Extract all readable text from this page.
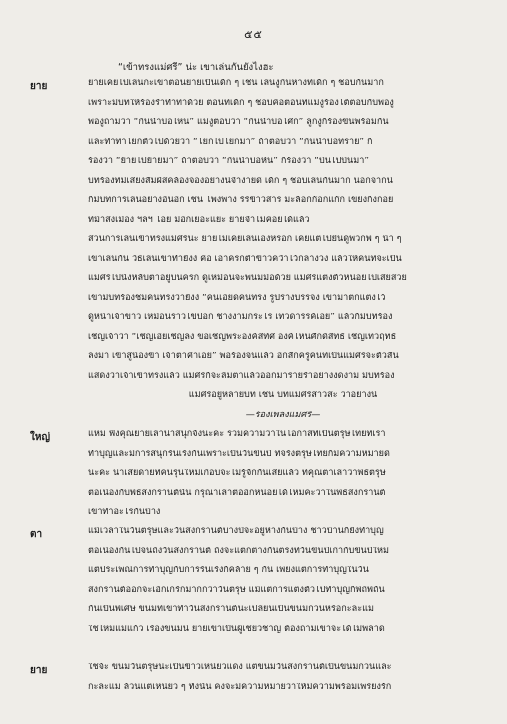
๕๕
“เข้าทรงแม่ศรี” น่ะ เขาเล่นกันยังไงฮะ
ยาย	ยายเคยไปเล่นกะเขาตอนยายเป็นเด็ก ๆ เช่น เล่นงูกินหางที่เด็ก ๆ ชอบกันมาก
เพราะมีบทให้ร้องรำทำท่าด้วย ตอนที่เด็ก ๆ ชอบคือตอนที่แม่งูร้องโต้ตอบกับพ่องู
พ่องูถามว่า “กินน้ำบ่อไหน” แม่งูตอบว่า “กินน้ำบ่อโศก” ลูกงูก็ร้องขึ้นพร้อมกัน
และทำท่าโยกตัวไปด้วยว่า “โยกไปโยกมา” ถ้าตอบว่า “กินน้ำบ่อทราย” ก็
ร้องว่า “ย้ายไปย้ายมา” ถ้าตอบว่า “กินน้ำบ่อหิน” ก็ร้องว่า “บินไปบินมา”
บทร้องที่มีเสียงสัมผัสคล้องจองอย่างนี้จำง่ายดี เด็ก ๆ ชอบเล่นกันมาก นอกจากนี้
ก็มีบทการเล่นอย่างอื่นอีก เช่น โพงพาง รีรีข้าวสาร มะล็อกก๊อกแก๊ก เขย่งก็งกอย
ที่ม้าส่งเมือง ฯลฯ โอย มีอีกเยอะแยะ ยายจำไม่ค่อยได้แล้ว
ส่วนการเล่นเข้าทรงแม่ศรีนะ ยายไม่เคยเล่นเองหรอก เคยแต่ไปยืนดูพวกพี่ ๆ น้า ๆ
เขาเล่นกัน วิธีเล่นเขาทำยังงี้ คือ เอาครกตำข้าวคว่ำไว้กลางวง แล้วให้คนที่จะเป็น
แม่ศรีไปนั่งหลับตาอยู่บนครก ดูเหมือนจะพนมมือด้วย แม่ศรีแต่งตัวหน่อยไปเสียสวย
เขามีบทร้องชมคนทรงว่ายังงี้ “คนเอียดคนทรง รูปร่างบรรจง เขามาตกแต่งไว้
ดูหน้าเจ้าขาว เหมือนราวไข่ปอก ช่างงามกระไร เทวดารรค์เอย” แล้วก็มีบทร้อง
เชิญเจ้าว่า “เชิญเอ๋ยเชิญลง ขอเชิญพระองค์สีทิศ องค์ไหนศักดิ์สิทธิ์ เชิญเทวฤทธิ์
ลงมา เข้าสู่น้องข้า เจ้าตาคำเอย” พอร้องจนแล้ว อีกสักครู่คนที่เป็นแม่ศรีจะตัวสั่น
แสดงว่าเจ้าเข้าทรงแล้ว แม่ศรีก็จะลืมตาแล้วออกมาร่ายรำอย่างงดงาม มีบทร้อง
แม่ศรีอยู่หลายบท เช่น บทแม่ศรีสาวสะ ว่าอย่างนี้
—ร้องเพลงแม่ศรี—
ใหญ่	แหม ฟังคุณยายเล่าน่าสนุกจังนะคะ รวมความว่าในโอกาสที่เป็นตรุษไทยที่เรา
ทำบุญและมีการสนุกรื่นเริงกันเพราะเป็นวันขึ้นปี ที่จริงตรุษไทยก็มีความหมายดี
นะคะ น่าเสียดายที่คนรุ่นใหม่เกือบจะไม่รู้จักกันเสียแล้ว ที่คุณตาเล่าว่าพิธีตรุษ
ต่อเนื่องกับพิธีสงกรานต์นั้น กรุณาเล่าต่ออีกหน่อยได้ไหมคะว่าในพิธีสงกรานต์
เขาทำอะไรกันบ้าง
ตา	แม้เวลาในวันตรุษและวันสงกรานต์บางปีจะอยู่ห่างกันบ้าง ชาวบ้านก็ยังทำบุญ
ต่อเนื่องกันไปจนถึงวันสงกรานต์ ถึงจะแตกต่างกันตรงที่วันขึ้นปีเก่ากับขึ้นปีใหม่
แต่ประเพณีการทำบุญกับการรื่นเริงก็คล้าย ๆ กัน เพียงแต่การทำบุญในวัน
สงกรานต์ออกจะเอิกเกริกมากกว่าวันตรุษ แม้แต่การแต่งตัวไปทำบุญก็พิถีพิถัน
กันเป็นพิเศษ ขนมที่เขาทำวันสงกรานต์นะเปลี่ยนเป็นขนมกวนหรือกะละแม
ใช่ไหมแม่แก้ว เรื่องขนมนี้ ยายเขาเป็นผู้เชี่ยวชาญ ต้องถามเขาจะได้ไม่พลาด
ยาย	ใช่จ้ะ ขนมวันตรุษน่ะเป็นข้าวเหนียวแดง แต่ขนมวันสงกรานต์เป็นขนมกวนและ
กะละแม ล้วนแต่เหนียว ๆ ทั้งนั้น คงจะมีความหมายว่าให้มีความพร้อมเพรียงรัก
